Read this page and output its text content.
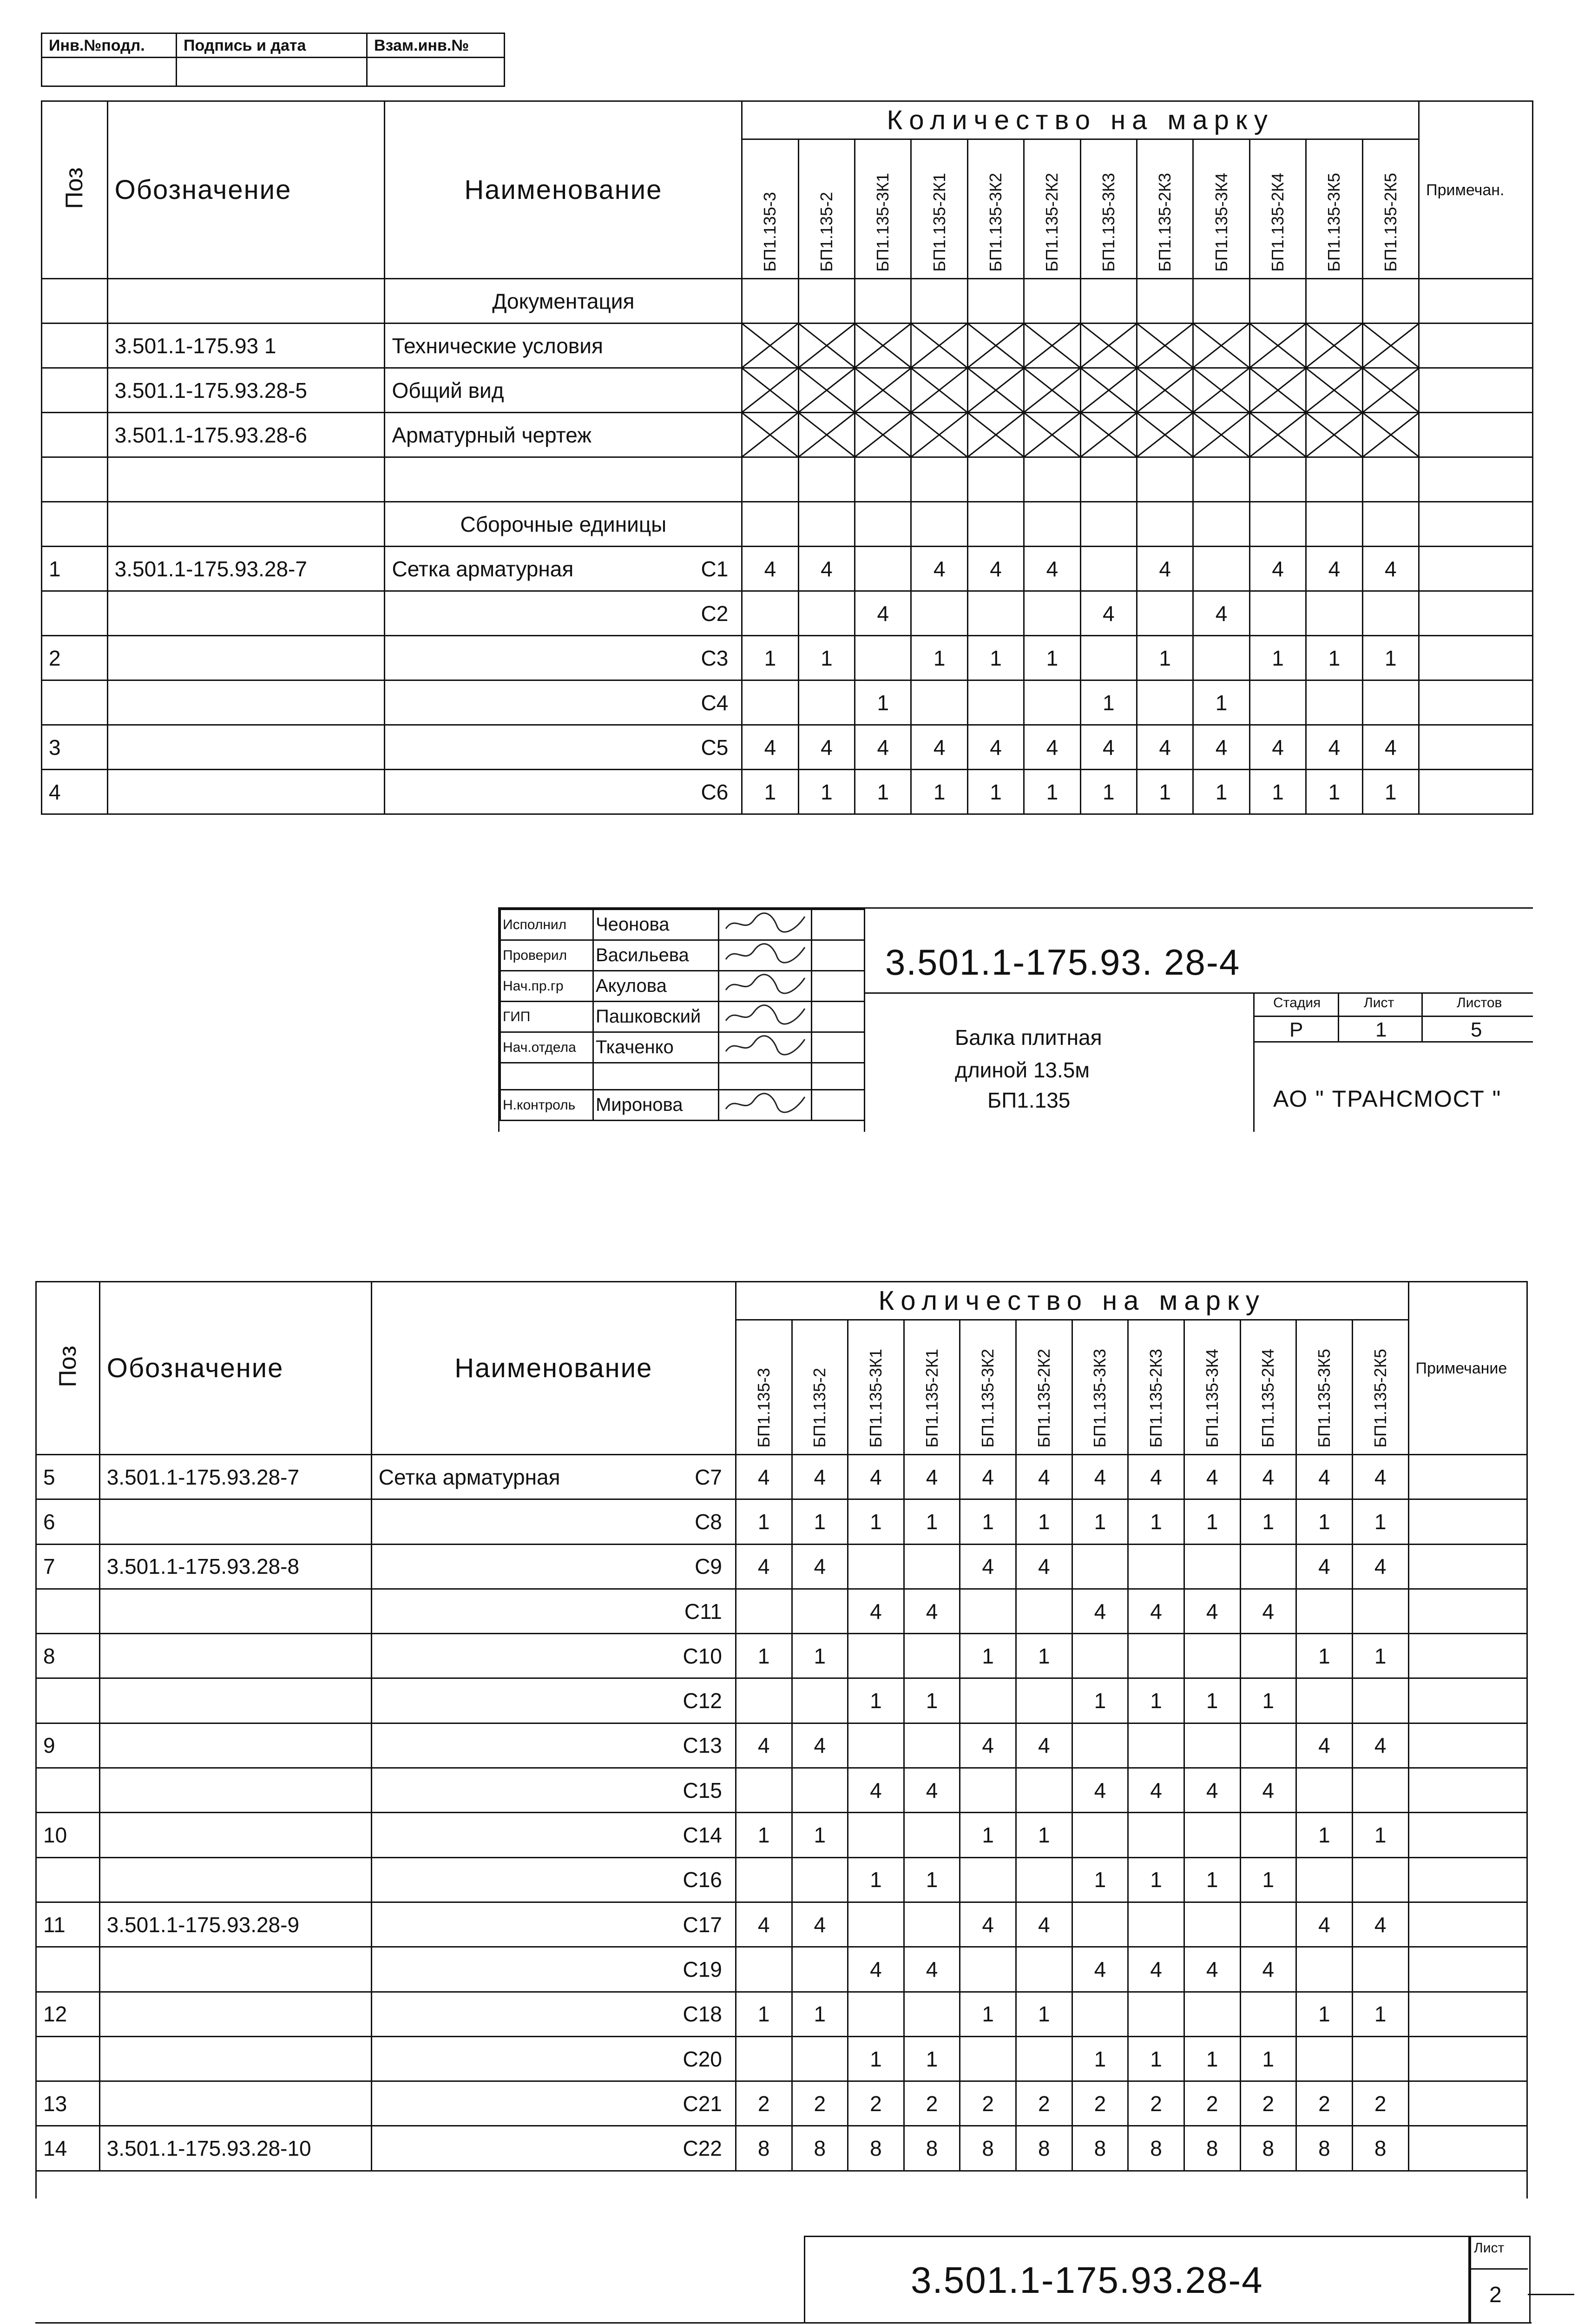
Инв.№подл.	Подпись и дата	Взам.инв.№

Поз	Обозначение	Наименование		Количество на марку												Примечан.
				БП1.135-3	БП1.135-2	БП1.135-3К1	БП1.135-2К1	БП1.135-3К2	БП1.135-2К2	БП1.135-3К3	БП1.135-2К3	БП1.135-3К4	БП1.135-2К4	БП1.135-3К5	БП1.135-2К5	
		Документация														
	3.501.1-175.93 1	Технические условия	

	3.501.1-175.93.28-5	Общий вид	

	3.501.1-175.93.28-6	Арматурный чертеж	

		Сборочные единицы														
1	3.501.1-175.93.28-7	Сетка арматурная	С1	4	4		4	4	4		4		4	4	4	
			С2			4				4		4				
2			С3	1	1		1	1	1		1		1	1	1	
			С4			1				1		1				
3			С5	4	4	4	4	4	4	4	4	4	4	4	4	
4			С6	1	1	1	1	1	1	1	1	1	1	1	1	
Исполнил	Чеонова		
Проверил	Васильева		
Нач.пр.гр	Акулова		
ГИП	Пашковский		
Нач.отдела	Ткаченко		

Н.контроль	Миронова		
3.501.1-175.93. 28-4
Стадия	Лист	Листов
Р	1	5
Балка плитная
длиной 13.5м
БП1.135	АО " ТРАНСМОСТ "
Поз	Обозначение	Наименование		Количество на марку												Примечание
				БП1.135-3	БП1.135-2	БП1.135-3К1	БП1.135-2К1	БП1.135-3К2	БП1.135-2К2	БП1.135-3К3	БП1.135-2К3	БП1.135-3К4	БП1.135-2К4	БП1.135-3К5	БП1.135-2К5	
5	3.501.1-175.93.28-7	Сетка арматурная	С7	4	4	4	4	4	4	4	4	4	4	4	4	
6			С8	1	1	1	1	1	1	1	1	1	1	1	1	
7	3.501.1-175.93.28-8		С9	4	4			4	4					4	4	
			С11			4	4			4	4	4	4			
8			С10	1	1			1	1					1	1	
			С12			1	1			1	1	1	1			
9			С13	4	4			4	4					4	4	
			С15			4	4			4	4	4	4			
10			С14	1	1			1	1					1	1	
			С16			1	1			1	1	1	1			
11	3.501.1-175.93.28-9		С17	4	4			4	4					4	4	
			С19			4	4			4	4	4	4			
12			С18	1	1			1	1					1	1	
			С20			1	1			1	1	1	1			
13			С21	2	2	2	2	2	2	2	2	2	2	2	2	
14	3.501.1-175.93.28-10		С22	8	8	8	8	8	8	8	8	8	8	8	8	

3.501.1-175.93.28-4
Лист
2
